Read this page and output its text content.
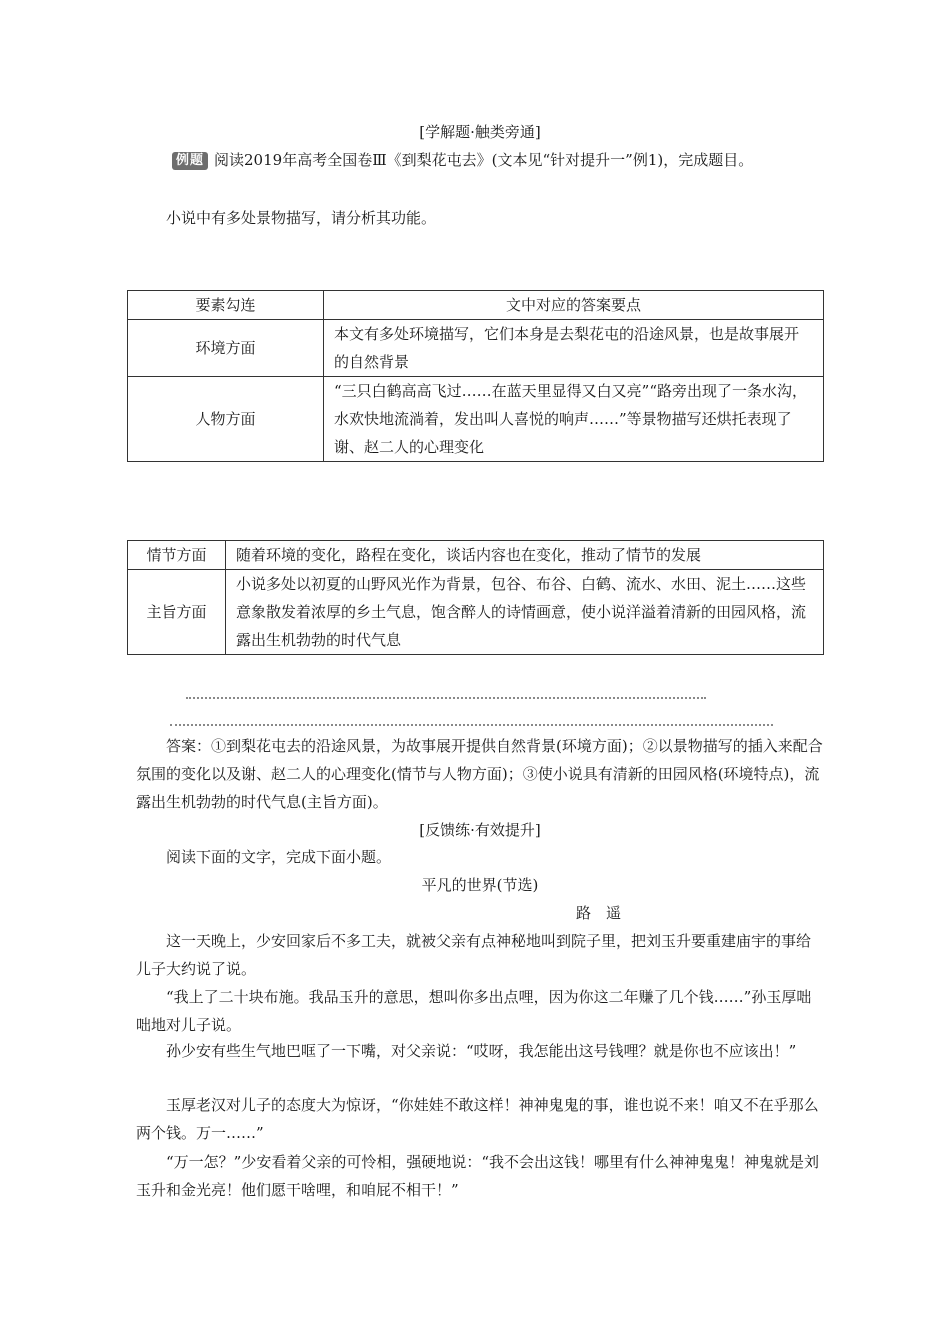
[学解题·触类旁通]
例题 阅读2019年高考全国卷Ⅲ《到梨花屯去》(文本见“针对提升一”例1)，完成题目。
小说中有多处景物描写，请分析其功能。
要素勾连	文中对应的答案要点
环境方面	本文有多处环境描写，它们本身是去梨花屯的沿途风景，也是故事展开的自然背景
人物方面	“三只白鹤高高飞过……在蓝天里显得又白又亮”“路旁出现了一条水沟，水欢快地流淌着，发出叫人喜悦的响声……”等景物描写还烘托表现了谢、赵二人的心理变化
情节方面	随着环境的变化，路程在变化，谈话内容也在变化，推动了情节的发展
主旨方面	小说多处以初夏的山野风光作为背景，包谷、布谷、白鹤、流水、水田、泥土……这些意象散发着浓厚的乡土气息，饱含醉人的诗情画意，使小说洋溢着清新的田园风格，流露出生机勃勃的时代气息
答案：①到梨花屯去的沿途风景，为故事展开提供自然背景(环境方面)；②以景物描写的插入来配合氛围的变化以及谢、赵二人的心理变化(情节与人物方面)；③使小说具有清新的田园风格(环境特点)，流露出生机勃勃的时代气息(主旨方面)。
[反馈练·有效提升]
阅读下面的文字，完成下面小题。
平凡的世界(节选)
路　遥
这一天晚上，少安回家后不多工夫，就被父亲有点神秘地叫到院子里，把刘玉升要重建庙宇的事给儿子大约说了说。
“我上了二十块布施。我品玉升的意思，想叫你多出点哩，因为你这二年赚了几个钱……”孙玉厚咄咄地对儿子说。
孙少安有些生气地巴哐了一下嘴，对父亲说：“哎呀，我怎能出这号钱哩？就是你也不应该出！”
玉厚老汉对儿子的态度大为惊讶，“你娃娃不敢这样！神神鬼鬼的事，谁也说不来！咱又不在乎那么两个钱。万一……”
“万一怎？”少安看着父亲的可怜相，强硬地说：“我不会出这钱！哪里有什么神神鬼鬼！神鬼就是刘玉升和金光亮！他们愿干啥哩，和咱屁不相干！”
